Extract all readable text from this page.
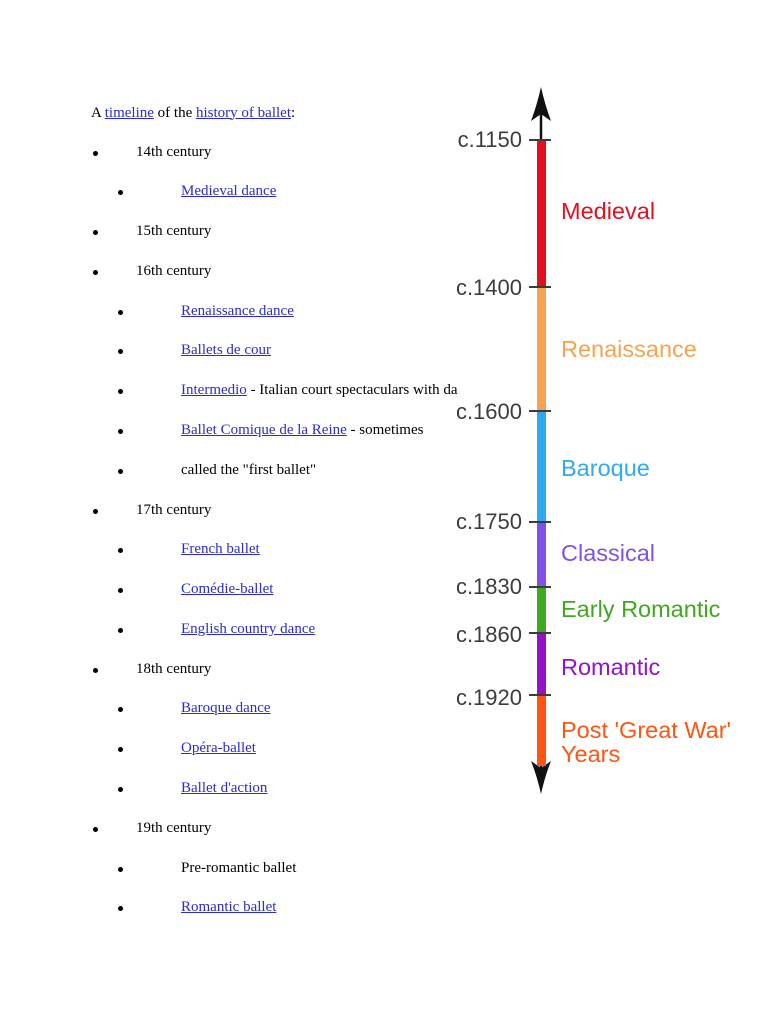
A timeline of the history of ballet:
14th century
Medieval dance
15th century
16th century
Renaissance dance
Ballets de cour
Intermedio - Italian court spectaculars with da
Ballet Comique de la Reine - sometimes
called the "first ballet"
17th century
French ballet
Comédie-ballet
English country dance
18th century
Baroque dance
Opéra-ballet
Ballet d'action
19th century
Pre-romantic ballet
Romantic ballet
c.1150
c.1400
c.1600
c.1750
c.1830
c.1860
c.1920
Medieval
Renaissance
Baroque
Classical
Early Romantic
Romantic
Post 'Great War' Years
